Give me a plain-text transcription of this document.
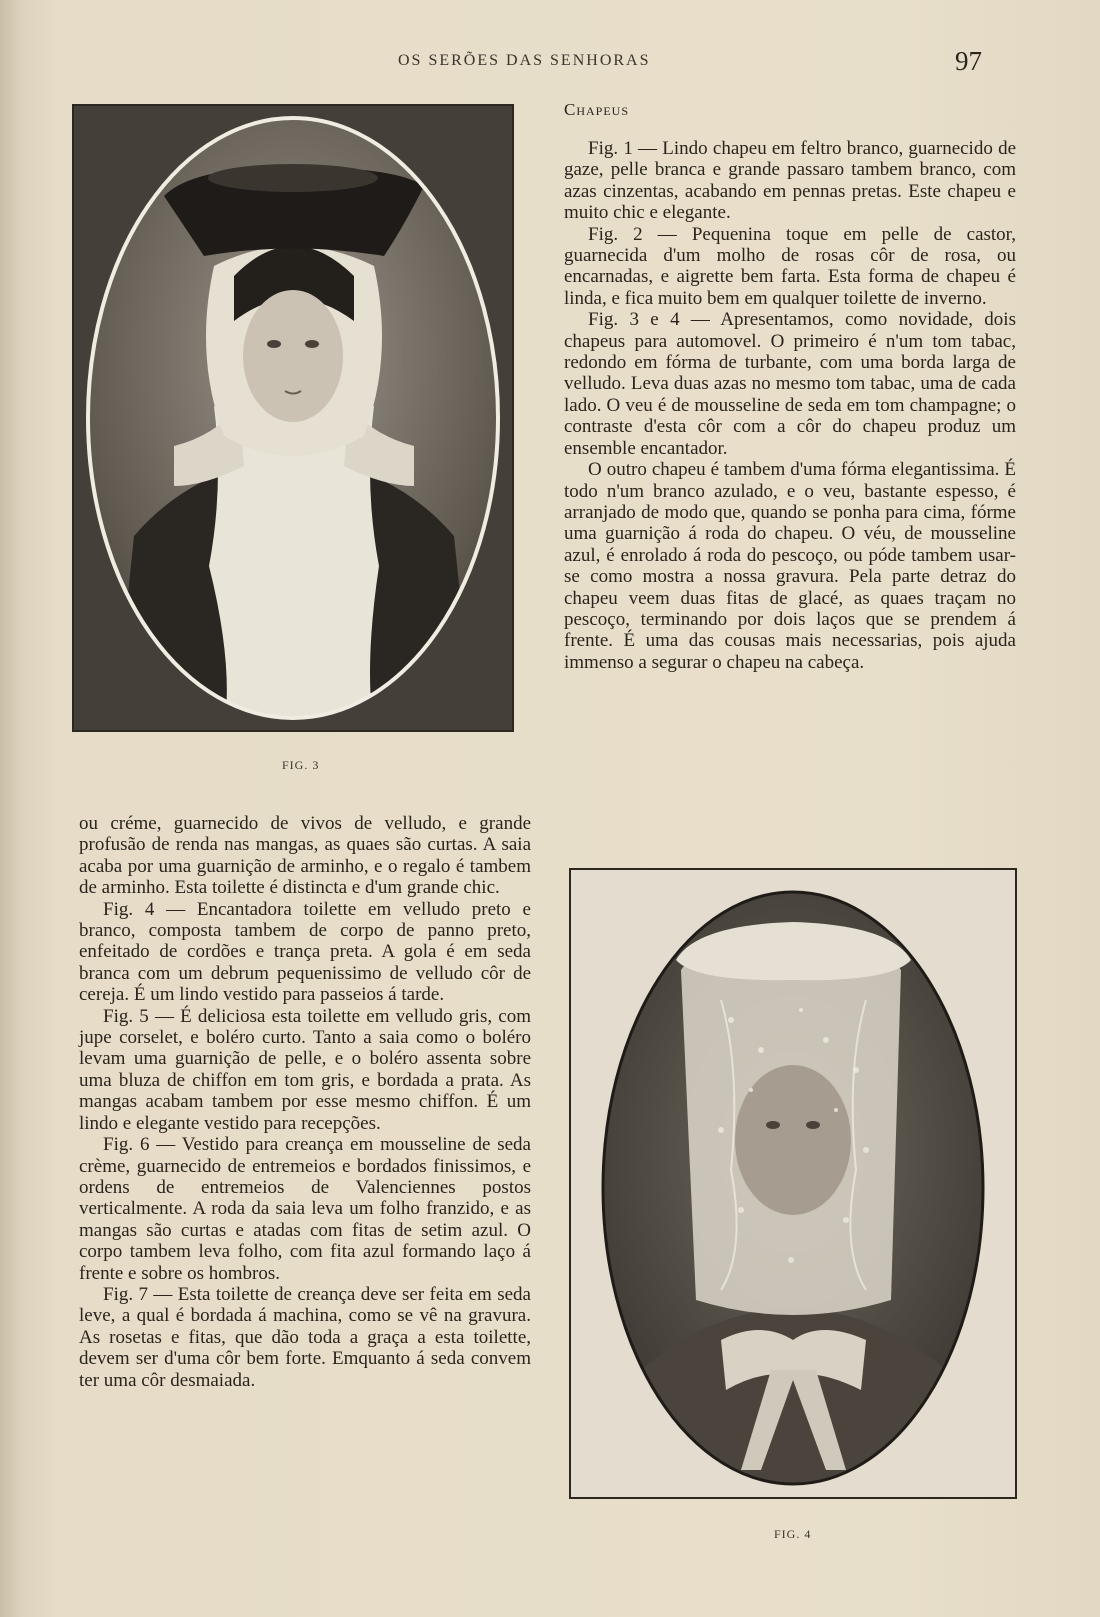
OS SERÕES DAS SENHORAS	97
FIG. 3
Chapeus

Fig. 1 — Lindo chapeu em feltro branco, guarnecido de gaze, pelle branca e grande passaro tambem branco, com azas cinzentas, acabando em pennas pretas. Este chapeu e muito chic e elegante.

Fig. 2 — Pequenina toque em pelle de castor, guarnecida d'um molho de rosas côr de rosa, ou encarnadas, e aigrette bem farta. Esta forma de chapeu é linda, e fica muito bem em qualquer toilette de inverno.

Fig. 3 e 4 — Apresentamos, como novidade, dois chapeus para automovel. O primeiro é n'um tom tabac, redondo em fórma de turbante, com uma borda larga de velludo. Leva duas azas no mesmo tom tabac, uma de cada lado. O veu é de mousseline de seda em tom champagne; o contraste d'esta côr com a côr do chapeu produz um ensemble encantador.

O outro chapeu é tambem d'uma fórma elegantissima. É todo n'um branco azulado, e o veu, bastante espesso, é arranjado de modo que, quando se ponha para cima, fórme uma guarnição á roda do chapeu. O véu, de mousseline azul, é enrolado á roda do pescoço, ou póde tambem usar-se como mostra a nossa gravura. Pela parte detraz do chapeu veem duas fitas de glacé, as quaes traçam no pescoço, terminando por dois laços que se prendem á frente. É uma das cousas mais necessarias, pois ajuda immenso a segurar o chapeu na cabeça.

ou créme, guarnecido de vivos de velludo, e grande profusão de renda nas mangas, as quaes são curtas. A saia acaba por uma guarnição de arminho, e o regalo é tambem de arminho. Esta toilette é distincta e d'um grande chic.

Fig. 4 — Encantadora toilette em velludo preto e branco, composta tambem de corpo de panno preto, enfeitado de cordões e trança preta. A gola é em seda branca com um debrum pequenissimo de velludo côr de cereja. É um lindo vestido para passeios á tarde.

Fig. 5 — É deliciosa esta toilette em velludo gris, com jupe corselet, e boléro curto. Tanto a saia como o boléro levam uma guarnição de pelle, e o boléro assenta sobre uma bluza de chiffon em tom gris, e bordada a prata. As mangas acabam tambem por esse mesmo chiffon. É um lindo e elegante vestido para recepções.

Fig. 6 — Vestido para creança em mousseline de seda crème, guarnecido de entremeios e bordados finissimos, e ordens de entremeios de Valenciennes postos verticalmente. A roda da saia leva um folho franzido, e as mangas são curtas e atadas com fitas de setim azul. O corpo tambem leva folho, com fita azul formando laço á frente e sobre os hombros.

Fig. 7 — Esta toilette de creança deve ser feita em seda leve, a qual é bordada á machina, como se vê na gravura. As rosetas e fitas, que dão toda a graça a esta toilette, devem ser d'uma côr bem forte. Emquanto á seda convem ter uma côr desmaiada.

FIG. 4
